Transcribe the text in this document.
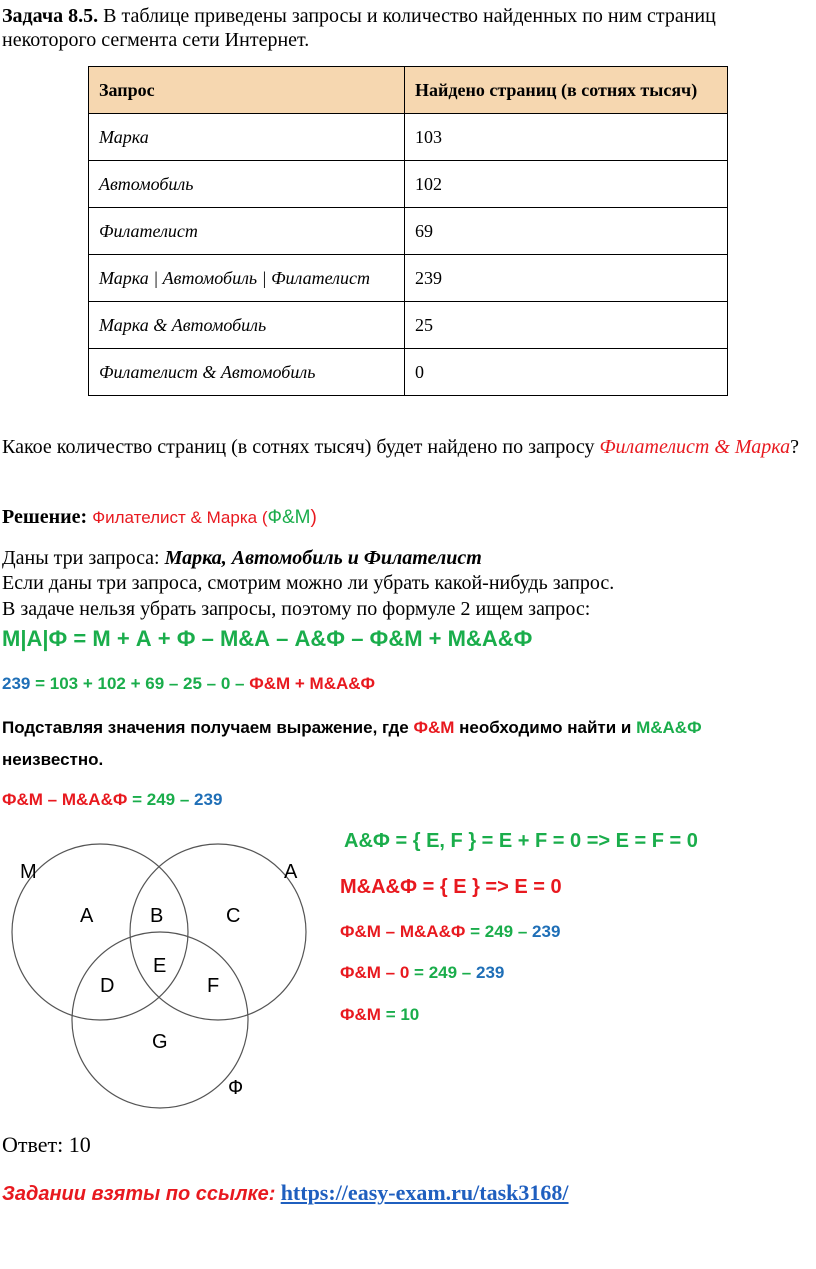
Задача 8.5. В таблице приведены запросы и количество найденных по ним страниц некоторого сегмента сети Интернет.
Запрос	Найдено страниц (в сотнях тысяч)
Марка	103
Автомобиль	102
Филателист	69
Марка | Автомобиль | Филателист	239
Марка & Автомобиль	25
Филателист & Автомобиль	0
Какое количество страниц (в сотнях тысяч) будет найдено по запросу Филателист & Марка?
Решение: Филателист & Марка (Ф&М)
Даны три запроса: Марка, Автомобиль и Филателист
Если даны три запроса, смотрим можно ли убрать какой-нибудь запрос.
В задаче нельзя убрать запросы, поэтому по формуле 2 ищем запрос:
М|А|Ф = М + А + Ф – М&А – А&Ф – Ф&М + М&А&Ф
239 = 103 + 102 + 69 – 25 – 0 – Ф&М + М&А&Ф
Подставляя значения получаем выражение, где Ф&М необходимо найти и М&А&Ф
неизвестно.
Ф&М – М&А&Ф = 249 – 239
М	А
Ф
A	B	C
D
E
F
G
А&Ф = { E, F } = E + F = 0 => E = F = 0
М&А&Ф = { E } => E = 0
Ф&М – М&А&Ф = 249 – 239
Ф&М – 0 = 249 – 239
Ф&М = 10
Ответ: 10
Задании взяты по ссылке: https://easy-exam.ru/task3168/
